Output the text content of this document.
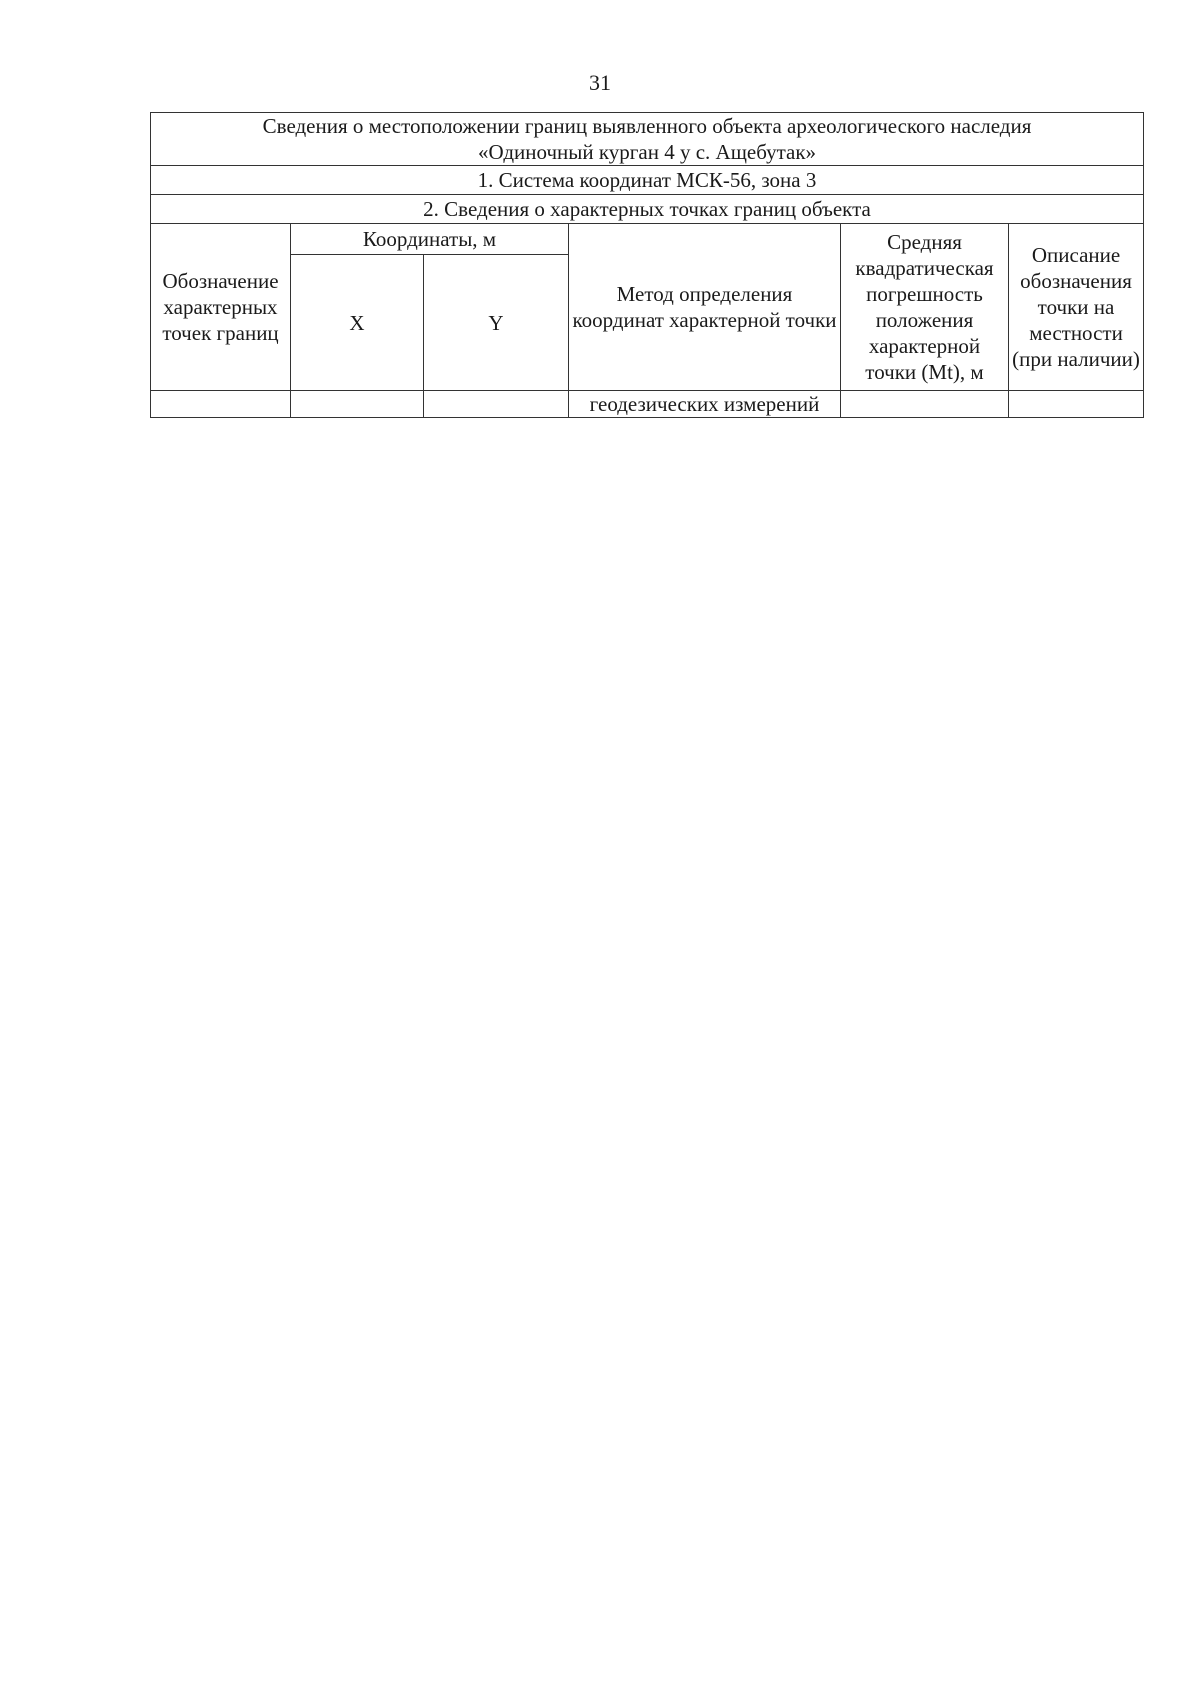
31
Сведения о местоположении границ выявленного объекта археологического наследия
«Одиночный курган 4 у с. Ащебутак»					

1. Система координат МСК-56, зона 3					
2. Сведения о характерных точках границ объекта					
Обозначение характерных точек границ	Координаты, м		Метод определения координат характерной точки	Средняя квадратическая погрешность положения характерной точки (Mt), м	Описание обозначения точки на местности (при наличии)
	X	Y			
			геодезических измерений		
